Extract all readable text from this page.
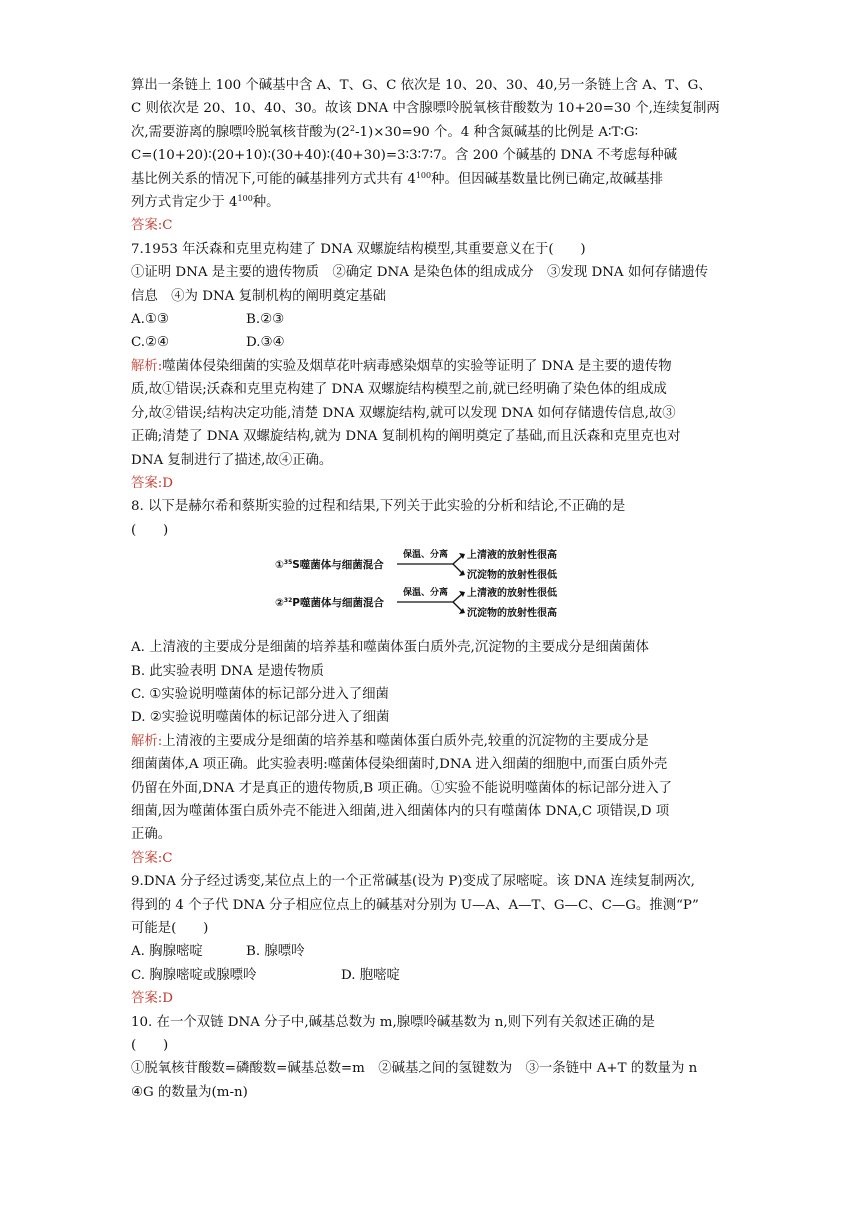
算出一条链上 100 个碱基中含 A、T、G、C 依次是 10、20、30、40,另一条链上含 A、T、G、
C 则依次是 20、10、40、30。故该 DNA 中含腺嘌呤脱氧核苷酸数为 10+20=30 个,连续复制两
次,需要游离的腺嘌呤脱氧核苷酸为$(2^2-1)\times 30=90$ 个。4 种含氮碱基的比例是 A∶T∶G∶
C=(10+20)∶(20+10)∶(30+40)∶(40+30)=3∶3∶7∶7。含 200 个碱基的 DNA 不考虑每种碱
基比例关系的情况下,可能的碱基排列方式共有 $4^{100}$种。但因碱基数量比例已确定,故碱基排
列方式肯定少于 $4^{100}$种。
答案:C
7.1953 年沃森和克里克构建了 DNA 双螺旋结构模型,其重要意义在于(　　)
①证明 DNA 是主要的遗传物质　②确定 DNA 是染色体的组成成分　③发现 DNA 如何存储遗传
信息　④为 DNA 复制机构的阐明奠定基础
A.①③	B.②③
C.②④	D.③④
解析:噬菌体侵染细菌的实验及烟草花叶病毒感染烟草的实验等证明了 DNA 是主要的遗传物
质,故①错误;沃森和克里克构建了 DNA 双螺旋结构模型之前,就已经明确了染色体的组成成
分,故②错误;结构决定功能,清楚 DNA 双螺旋结构,就可以发现 DNA 如何存储遗传信息,故③
正确;清楚了 DNA 双螺旋结构,就为 DNA 复制机构的阐明奠定了基础,而且沃森和克里克也对
DNA 复制进行了描述,故④正确。
答案:D
8. 以下是赫尔希和蔡斯实验的过程和结果,下列关于此实验的分析和结论,不正确的是
(　　)
①$^{35}$S噬菌体与细菌混合
保温、分离 上清液的放射性很高
沉淀物的放射性很低
②$^{32}$P噬菌体与细菌混合
保温、分离 上清液的放射性很低
沉淀物的放射性很高
A. 上清液的主要成分是细菌的培养基和噬菌体蛋白质外壳,沉淀物的主要成分是细菌菌体
B. 此实验表明 DNA 是遗传物质
C. ①实验说明噬菌体的标记部分进入了细菌
D. ②实验说明噬菌体的标记部分进入了细菌
解析:上清液的主要成分是细菌的培养基和噬菌体蛋白质外壳,较重的沉淀物的主要成分是
细菌菌体,A 项正确。此实验表明:噬菌体侵染细菌时,DNA 进入细菌的细胞中,而蛋白质外壳
仍留在外面,DNA 才是真正的遗传物质,B 项正确。①实验不能说明噬菌体的标记部分进入了
细菌,因为噬菌体蛋白质外壳不能进入细菌,进入细菌体内的只有噬菌体 DNA,C 项错误,D 项
正确。
答案:C
9.DNA 分子经过诱变,某位点上的一个正常碱基(设为 P)变成了尿嘧啶。该 DNA 连续复制两次,
得到的 4 个子代 DNA 分子相应位点上的碱基对分别为 U—A、A—T、G—C、C—G。推测“P”
可能是(　　)
A. 胸腺嘧啶	B. 腺嘌呤
C. 胸腺嘧啶或腺嘌呤	D. 胞嘧啶
答案:D
10. 在一个双链 DNA 分子中,碱基总数为 m,腺嘌呤碱基数为 n,则下列有关叙述正确的是
(　　)
①脱氧核苷酸数=磷酸数=碱基总数=m　②碱基之间的氢键数为　③一条链中 A+T 的数量为 n
④G 的数量为(m-n)
